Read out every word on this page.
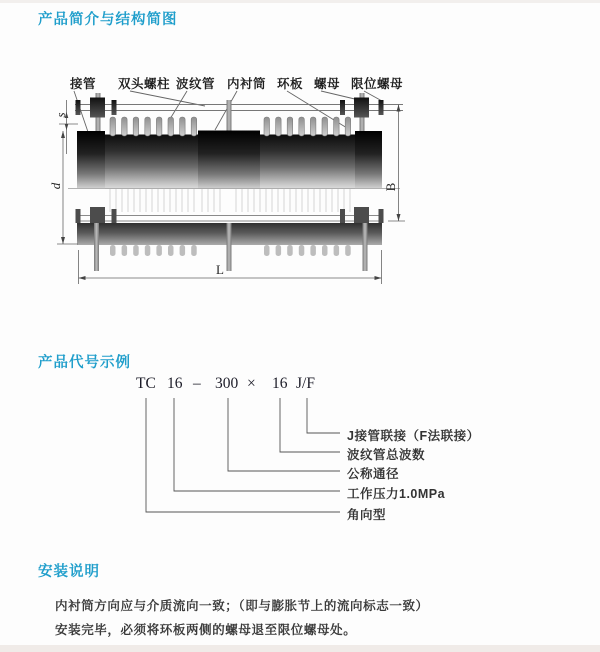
产品简介与结构简图
接管 双头螺柱 波纹管 内衬筒 环板 螺母 限位螺母
s
d	B
L
产品代号示例
TC 16 – 300 × 16 J/F
J接管联接（F法联接）
波纹管总波数
公称通径
工作压力1.0MPa
角向型
安装说明
内衬筒方向应与介质流向一致；（即与膨胀节上的流向标志一致）
安装完毕，必须将环板两侧的螺母退至限位螺母处。
